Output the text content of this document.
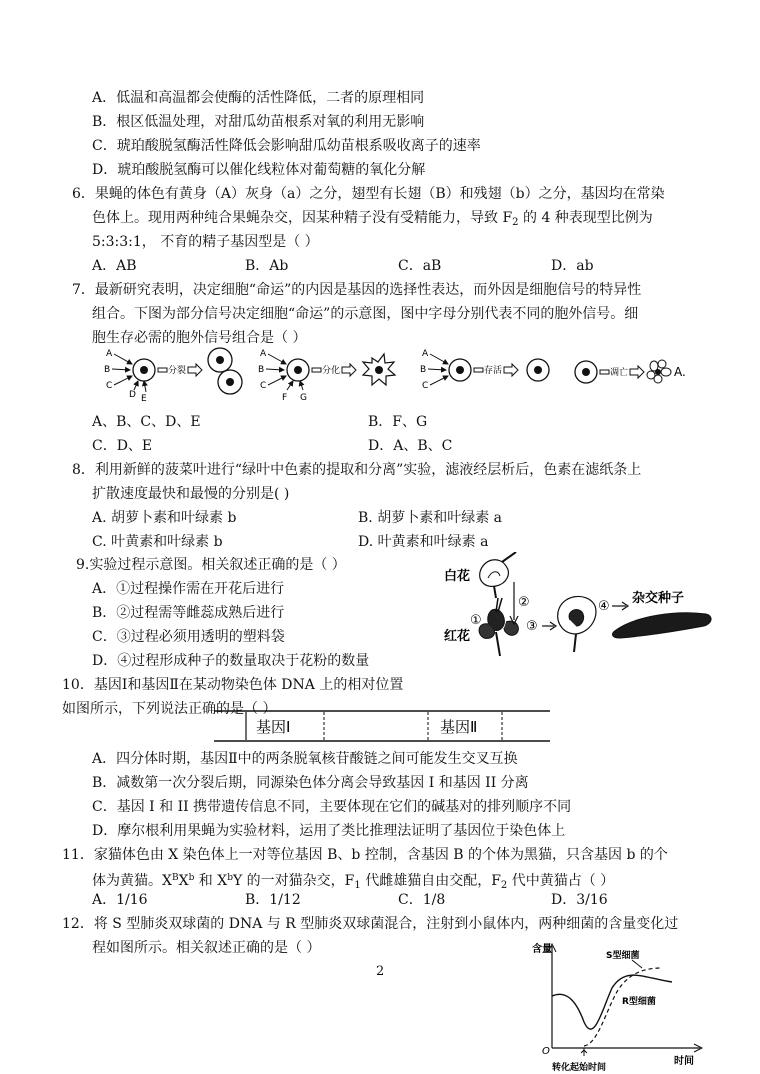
A．低温和高温都会使酶的活性降低，二者的原理相同
B．根区低温处理，对甜瓜幼苗根系对氧的利用无影响
C．琥珀酸脱氢酶活性降低会影响甜瓜幼苗根系吸收离子的速率
D．琥珀酸脱氢酶可以催化线粒体对葡萄糖的氧化分解
6．果蝇的体色有黄身（A）灰身（a）之分，翅型有长翅（B）和残翅（b）之分，基因均在常染
色体上。现用两种纯合果蝇杂交，因某种精子没有受精能力，导致 $F_2$ 的 4 种表现型比例为
5:3:3:1， 不育的精子基因型是（ ）
A．AB	B．Ab	C．aB	D．ab
7．最新研究表明，决定细胞“命运”的内因是基因的选择性表达，而外因是细胞信号的特异性
组合。下图为部分信号决定细胞“命运”的示意图，图中字母分别代表不同的胞外信号。细
胞生存必需的胞外信号组合是（ ）
A
B
C
D E
分裂
A
B
C
F G
分化
A
B
C
存活	凋亡	A.
A、B、C、D、E	B．F、G
C．D、E	D．A、B、C
8．利用新鲜的菠菜叶进行“绿叶中色素的提取和分离”实验，滤液经层析后，色素在滤纸条上
扩散速度最快和最慢的分别是( )
A. 胡萝卜素和叶绿素 b	B. 胡萝卜素和叶绿素 a
C. 叶黄素和叶绿素 b	D. 叶黄素和叶绿素 a
9.实验过程示意图。相关叙述正确的是（ ）
A．①过程操作需在开花后进行
B．②过程需等雌蕊成熟后进行
C．③过程必须用透明的塑料袋
D．④过程形成种子的数量取决于花粉的数量
白花
红花
①
②
③
④
杂交种子
10．基因Ⅰ和基因Ⅱ在某动物染色体 DNA 上的相对位置
如图所示，下列说法正确的是（ ）
基因Ⅰ	基因Ⅱ
A．四分体时期，基因Ⅱ中的两条脱氧核苷酸链之间可能发生交叉互换
B．减数第一次分裂后期，同源染色体分离会导致基因 I 和基因 II 分离
C．基因 I 和 II 携带遗传信息不同，主要体现在它们的碱基对的排列顺序不同
D．摩尔根利用果蝇为实验材料，运用了类比推理法证明了基因位于染色体上
11．家猫体色由 X 染色体上一对等位基因 B、b 控制，含基因 B 的个体为黑猫，只含基因 b 的个
体为黄猫。$X^BX^b$ 和 $X^bY$ 的一对猫杂交，$F_1$ 代雌雄猫自由交配，$F_2$ 代中黄猫占（ ）
A．1/16	B．1/12	C．1/8	D．3/16
12．将 S 型肺炎双球菌的 DNA 与 R 型肺炎双球菌混合，注射到小鼠体内，两种细菌的含量变化过
程如图所示。相关叙述正确的是（ ）
2
含量
O
时间
S型细菌
R型细菌
转化起始时间
